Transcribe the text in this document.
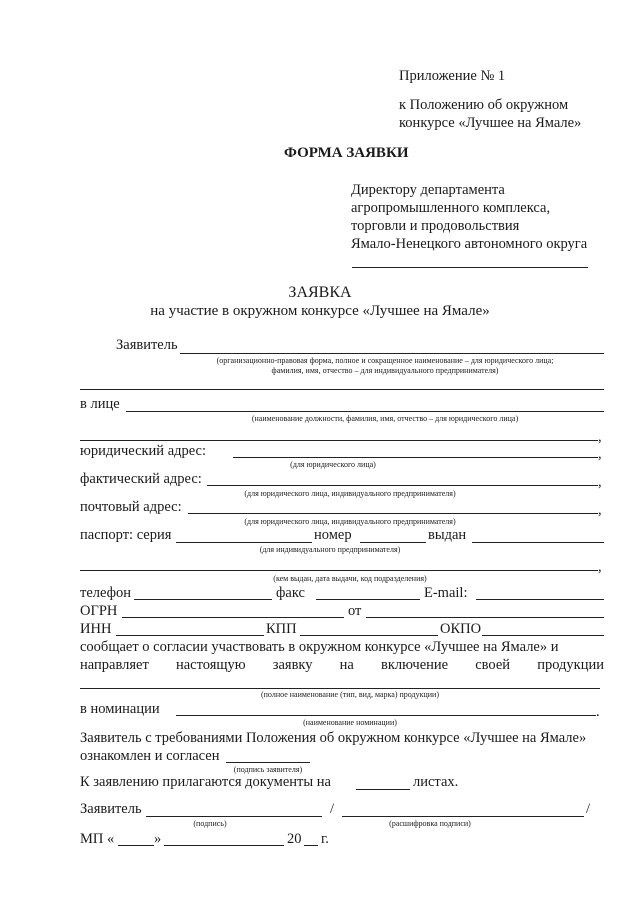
Приложение № 1
к Положению об окружном
конкурсе «Лучшее на Ямале»
ФОРМА ЗАЯВКИ
Директору департамента
агропромышленного комплекса,
торговли и продовольствия
Ямало-Ненецкого автономного округа
ЗАЯВКА
на участие в окружном конкурсе «Лучшее на Ямале»
Заявитель
(организационно-правовая форма, полное и сокращенное наименование – для юридического лица;
фамилия, имя, отчество – для индивидуального предпринимателя)
в лице
(наименование должности, фамилия, имя, отчество – для юридического лица)
,
юридический адрес:	,
(для юридического лица)
фактический адрес:	,
(для юридического лица, индивидуального предпринимателя)
почтовый адрес:	,
(для юридического лица, индивидуального предпринимателя)
паспорт: серия	номер	выдан
(для индивидуального предпринимателя)
,
(кем выдан, дата выдачи, код подразделения)
телефон	факс	E-mail:
ОГРН	от
ИНН	КПП	ОКПО
сообщает о согласии участвовать в окружном конкурсе «Лучшее на Ямале» и
направляет настоящую заявку на включение своей продукции
(полное наименование (тип, вид, марка) продукции)
в номинации	.
(наименование номинации)
Заявитель с требованиями Положения об окружном конкурсе «Лучшее на Ямале»
ознакомлен и согласен
(подпись заявителя)
К заявлению прилагаются документы на	листах.
Заявитель	/	/
(подпись)	(расшифровка подписи)
МП «	»	20 г.
